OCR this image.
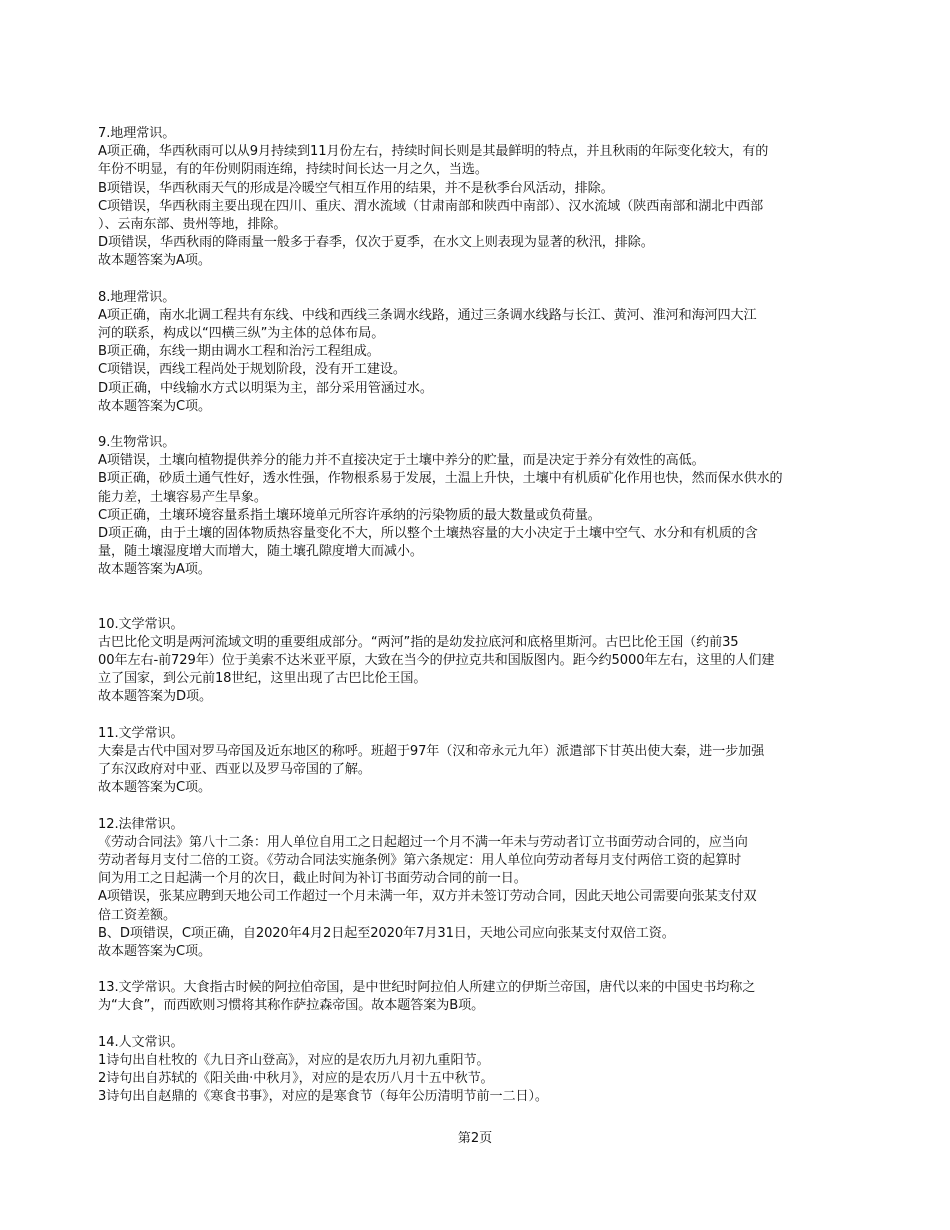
7.地理常识。

A项正确，华西秋雨可以从9月持续到11月份左右，持续时间长则是其最鲜明的特点，并且秋雨的年际变化较大，有的

年份不明显，有的年份则阴雨连绵，持续时间长达一月之久，当选。

B项错误，华西秋雨天气的形成是冷暖空气相互作用的结果，并不是秋季台风活动，排除。

C项错误，华西秋雨主要出现在四川、重庆、渭水流域（甘肃南部和陕西中南部）、汉水流域（陕西南部和湖北中西部

）、云南东部、贵州等地，排除。

D项错误，华西秋雨的降雨量一般多于春季，仅次于夏季，在水文上则表现为显著的秋汛，排除。

故本题答案为A项。

8.地理常识。

A项正确，南水北调工程共有东线、中线和西线三条调水线路，通过三条调水线路与长江、黄河、淮河和海河四大江

河的联系，构成以“四横三纵”为主体的总体布局。

B项正确，东线一期由调水工程和治污工程组成。

C项错误，西线工程尚处于规划阶段，没有开工建设。

D项正确，中线输水方式以明渠为主，部分采用管涵过水。

故本题答案为C项。

9.生物常识。

A项错误，土壤向植物提供养分的能力并不直接决定于土壤中养分的贮量，而是决定于养分有效性的高低。

B项正确，砂质土通气性好，透水性强，作物根系易于发展，土温上升快，土壤中有机质矿化作用也快，然而保水供水的

能力差，土壤容易产生旱象。

C项正确，土壤环境容量系指土壤环境单元所容许承纳的污染物质的最大数量或负荷量。

D项正确，由于土壤的固体物质热容量变化不大，所以整个土壤热容量的大小决定于土壤中空气、水分和有机质的含

量，随土壤湿度增大而增大，随土壤孔隙度增大而减小。

故本题答案为A项。

10.文学常识。

古巴比伦文明是两河流域文明的重要组成部分。“两河”指的是幼发拉底河和底格里斯河。古巴比伦王国（约前35

00年左右-前729年）位于美索不达米亚平原，大致在当今的伊拉克共和国版图内。距今约5000年左右，这里的人们建

立了国家，到公元前18世纪，这里出现了古巴比伦王国。

故本题答案为D项。

11.文学常识。

大秦是古代中国对罗马帝国及近东地区的称呼。班超于97年（汉和帝永元九年）派遣部下甘英出使大秦，进一步加强

了东汉政府对中亚、西亚以及罗马帝国的了解。

故本题答案为C项。

12.法律常识。

《劳动合同法》第八十二条：用人单位自用工之日起超过一个月不满一年未与劳动者订立书面劳动合同的，应当向

劳动者每月支付二倍的工资。《劳动合同法实施条例》第六条规定：用人单位向劳动者每月支付两倍工资的起算时

间为用工之日起满一个月的次日，截止时间为补订书面劳动合同的前一日。

A项错误，张某应聘到天地公司工作超过一个月未满一年，双方并未签订劳动合同，因此天地公司需要向张某支付双

倍工资差额。

B、D项错误，C项正确，自2020年4月2日起至2020年7月31日，天地公司应向张某支付双倍工资。

故本题答案为C项。

13.文学常识。大食指古时候的阿拉伯帝国，是中世纪时阿拉伯人所建立的伊斯兰帝国，唐代以来的中国史书均称之

为“大食”，而西欧则习惯将其称作萨拉森帝国。故本题答案为B项。

14.人文常识。

1诗句出自杜牧的《九日齐山登高》，对应的是农历九月初九重阳节。

2诗句出自苏轼的《阳关曲·中秋月》，对应的是农历八月十五中秋节。

3诗句出自赵鼎的《寒食书事》，对应的是寒食节（每年公历清明节前一二日）。

第2页
